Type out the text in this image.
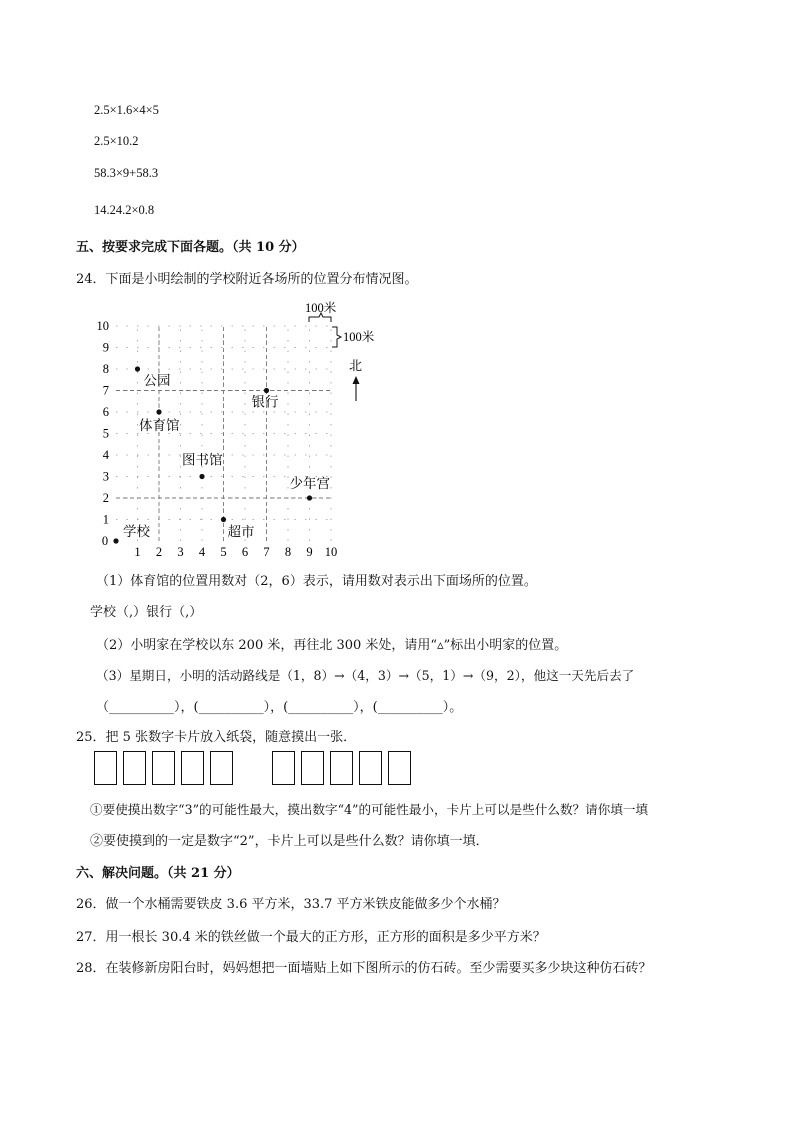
2.5×1.6×4×5
2.5×10.2
58.3×9+58.3
14.24.2×0.8
五、按要求完成下面各题。（共 10 分）
24．下面是小明绘制的学校附近各场所的位置分布情况图。
0
1 2 3 4 5 6 7 8 9 10
1
2
3
4
5
6
7
8
9
10
公园
体育馆
银行
图书馆
少年宫
超市
学校
100米
100米
北
（1）体育馆的位置用数对（2，6）表示，请用数对表示出下面场所的位置。
学校（,）银行（,）
（2）小明家在学校以东 200 米，再往北 300 米处，请用“▵”标出小明家的位置。
（3）星期日，小明的活动路线是（1，8）→（4，3）→（5，1）→（9，2），他这一天先后去了
（__________），(__________），(__________），(__________）。
25．把 5 张数字卡片放入纸袋，随意摸出一张．
①要使摸出数字“3”的可能性最大，摸出数字“4”的可能性最小，卡片上可以是些什么数？请你填一填
②要使摸到的一定是数字“2”，卡片上可以是些什么数？请你填一填．
六、解决问题。（共 21 分）
26．做一个水桶需要铁皮 3.6 平方米，33.7 平方米铁皮能做多少个水桶？
27．用一根长 30.4 米的铁丝做一个最大的正方形，正方形的面积是多少平方米？
28．在装修新房阳台时，妈妈想把一面墙贴上如下图所示的仿石砖。至少需要买多少块这种仿石砖？
